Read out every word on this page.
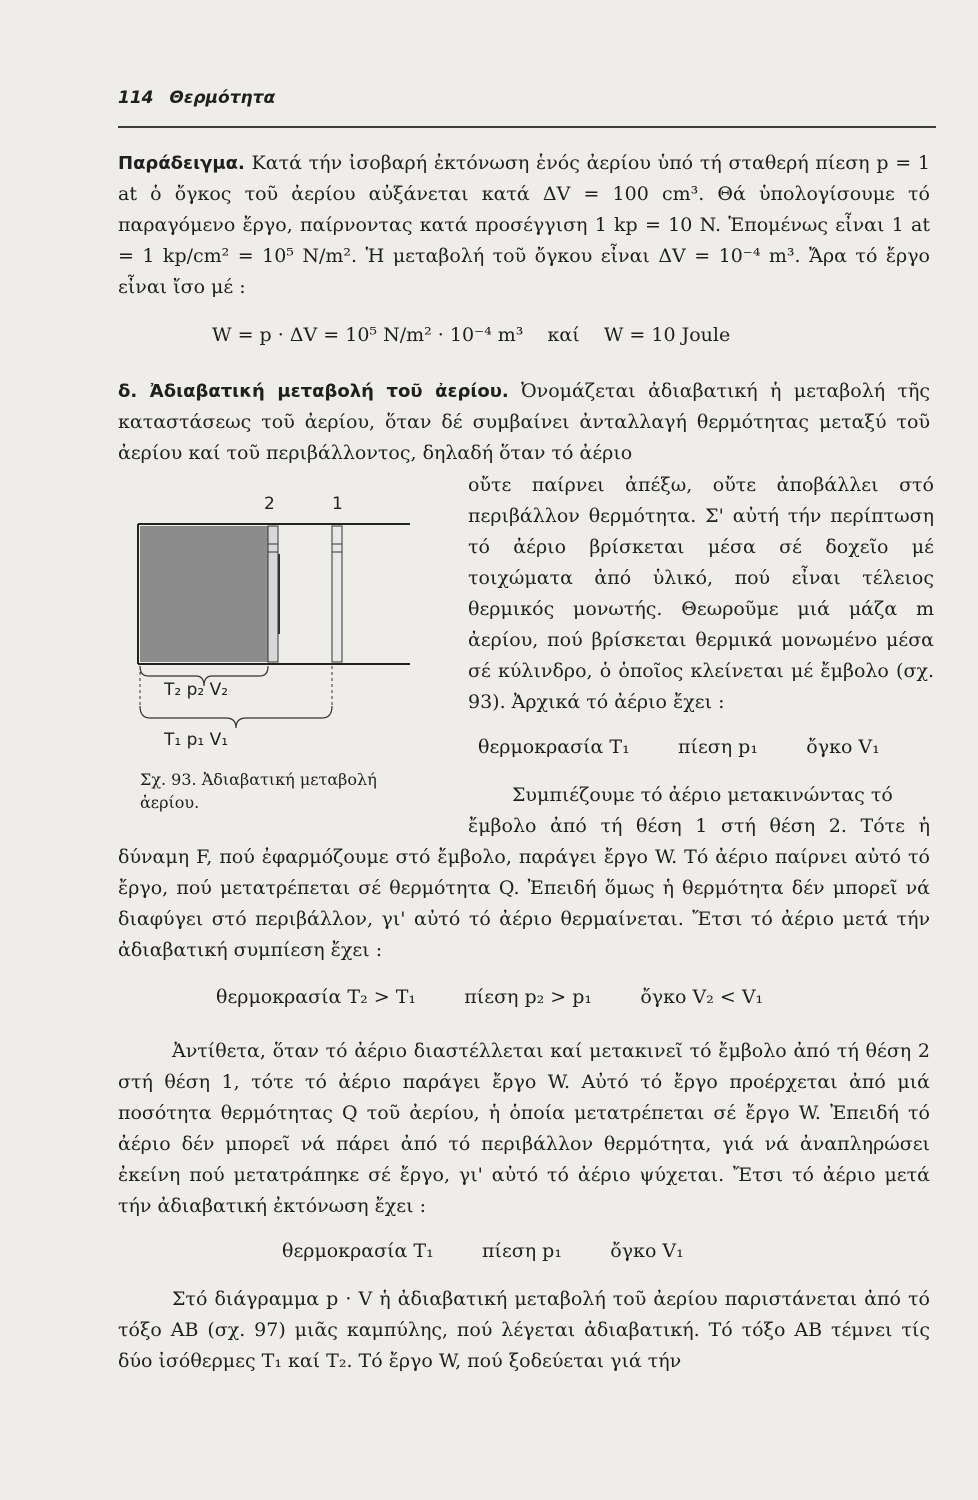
114 Θερμότητα
Παράδειγμα. Κατά τήν ἰσοβαρή ἐκτόνωση ἑνός ἀερίου ὑπό τή σταθερή πίεση p = 1 at ὁ ὄγκος τοῦ ἀερίου αὐξάνεται κατά ΔV = 100 cm³. Θά ὑπολογίσουμε τό παραγόμενο ἔργο, παίρνοντας κατά προσέγγιση 1 kp = 10 N. Ἑπομένως εἶναι 1 at = 1 kp/cm² = 10⁵ N/m². Ἡ μεταβολή τοῦ ὄγκου εἶναι ΔV = 10⁻⁴ m³. Ἄρα τό ἔργο εἶναι ἴσο μέ :
W = p · ΔV = 10⁵ N/m² · 10⁻⁴ m³    καί    W = 10 Joule
δ. Ἀδιαβατική μεταβολή τοῦ ἀερίου. Ὀνομάζεται ἀδιαβατική ἡ μεταβολή τῆς καταστάσεως τοῦ ἀερίου, ὅταν δέ συμβαίνει ἀνταλλαγή θερμότητας μεταξύ τοῦ ἀερίου καί τοῦ περιβάλλοντος, δηλαδή ὅταν τό ἀέριο
2	1
T₂ p₂ V₂
T₁ p₁ V₁
Σχ. 93. Ἀδιαβατική μεταβολή ἀερίου.
οὔτε παίρνει ἀπέξω, οὔτε ἀποβάλλει στό περιβάλλον θερμότητα. Σ' αὐτή τήν περίπτωση τό ἀέριο βρίσκεται μέσα σέ δοχεῖο μέ τοιχώματα ἀπό ὑλικό, πού εἶναι τέλειος θερμικός μονωτής. Θεωροῦμε μιά μάζα m ἀερίου, πού βρίσκεται θερμικά μονωμένο μέσα σέ κύλινδρο, ὁ ὁποῖος κλείνεται μέ ἔμβολο (σχ. 93). Ἀρχικά τό ἀέριο ἔχει :
θερμοκρασία T₁        πίεση p₁        ὄγκο V₁
Συμπιέζουμε τό ἀέριο μετακινώντας τό
ἔμβολο ἀπό τή θέση 1 στή θέση 2. Τότε ἡ δύναμη F, πού ἐφαρμόζουμε στό ἔμβολο, παράγει ἔργο W. Τό ἀέριο παίρνει αὐτό τό ἔργο, πού μετατρέπεται σέ θερμότητα Q. Ἐπειδή ὅμως ἡ θερμότητα δέν μπορεῖ νά διαφύγει στό περιβάλλον, γι' αὐτό τό ἀέριο θερμαίνεται. Ἔτσι τό ἀέριο μετά τήν ἀδιαβατική συμπίεση ἔχει :
θερμοκρασία T₂ > T₁        πίεση p₂ > p₁        ὄγκο V₂ < V₁
Ἀντίθετα, ὅταν τό ἀέριο διαστέλλεται καί μετακινεῖ τό ἔμβολο ἀπό τή θέση 2 στή θέση 1, τότε τό ἀέριο παράγει ἔργο W. Αὐτό τό ἔργο προέρχεται ἀπό μιά ποσότητα θερμότητας Q τοῦ ἀερίου, ἡ ὁποία μετατρέπεται σέ ἔργο W. Ἐπειδή τό ἀέριο δέν μπορεῖ νά πάρει ἀπό τό περιβάλλον θερμότητα, γιά νά ἀναπληρώσει ἐκείνη πού μετατράπηκε σέ ἔργο, γι' αὐτό τό ἀέριο ψύχεται. Ἔτσι τό ἀέριο μετά τήν ἀδιαβατική ἐκτόνωση ἔχει :
θερμοκρασία T₁        πίεση p₁        ὄγκο V₁
Στό διάγραμμα p · V ἡ ἀδιαβατική μεταβολή τοῦ ἀερίου παριστάνεται ἀπό τό τόξο AB (σχ. 97) μιᾶς καμπύλης, πού λέγεται ἀδιαβατική. Τό τόξο AB τέμνει τίς δύο ἰσόθερμες T₁ καί T₂. Τό ἔργο W, πού ξοδεύεται γιά τήν
